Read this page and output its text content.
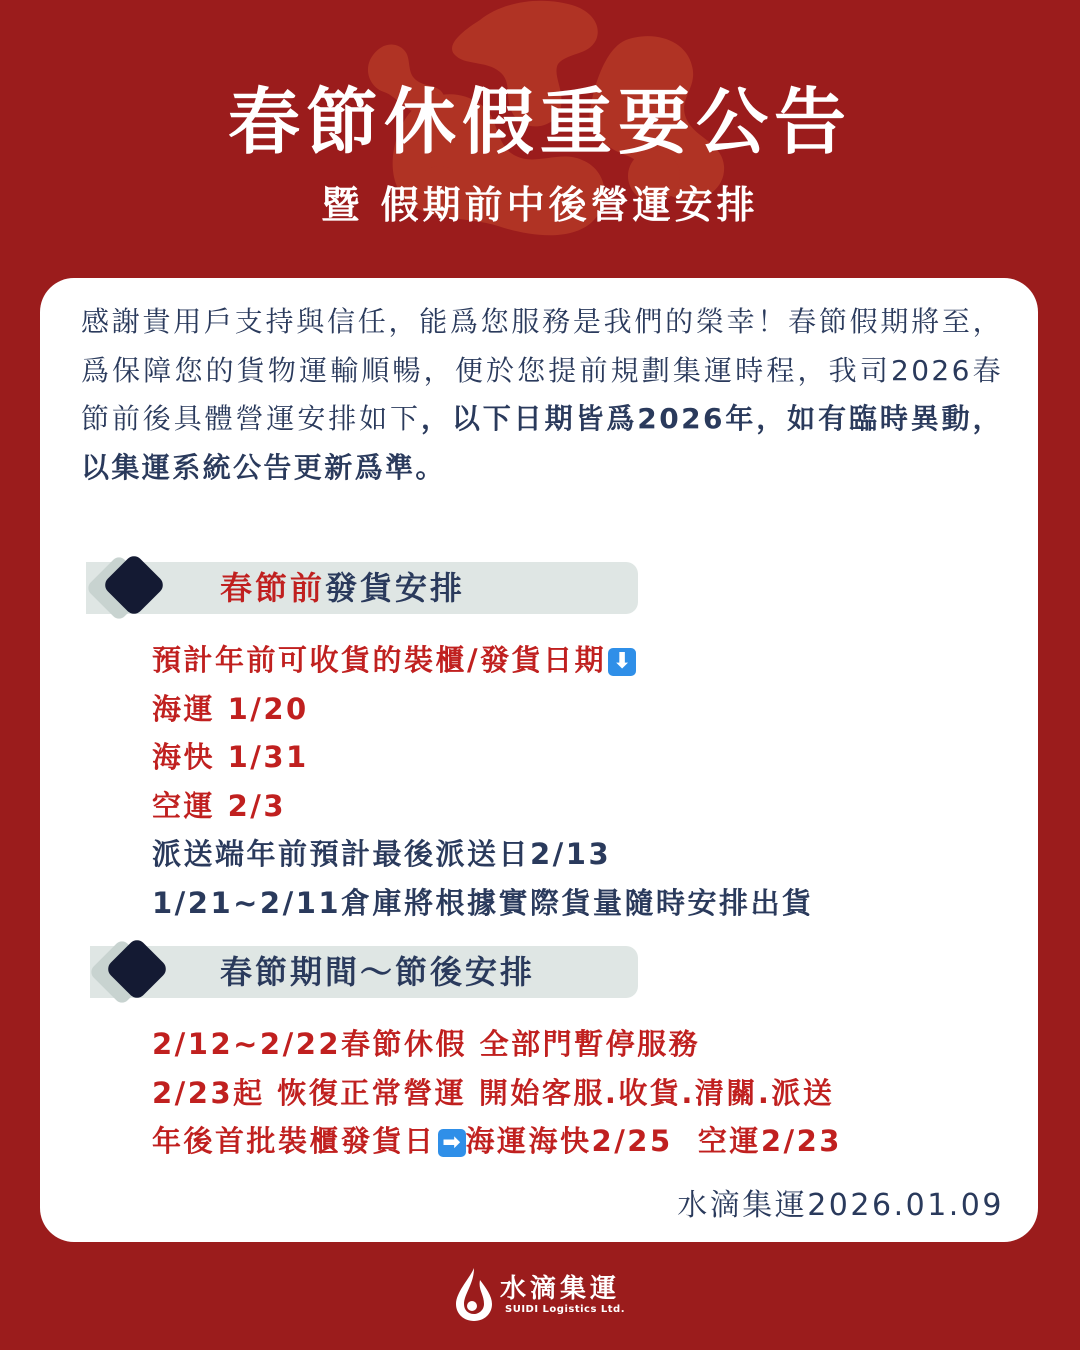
春節休假重要公告
暨 假期前中後營運安排
感謝貴用戶支持與信任，能爲您服務是我們的榮幸！春節假期將至，爲保障您的貨物運輸順暢，便於您提前規劃集運時程，我司2026春節前後具體營運安排如下，以下日期皆爲2026年，如有臨時異動，以集運系統公告更新爲準。
春節前發貨安排
預計年前可收貨的裝櫃/發貨日期 ⬇
海運 1/20
海快 1/31
空運 2/3
派送端年前預計最後派送日2/13
1/21~2/11倉庫將根據實際貨量隨時安排出貨
春節期間～節後安排
2/12~2/22春節休假 全部門暫停服務
2/23起 恢復正常營運 開始客服.收貨.清關.派送
年後首批裝櫃發貨日 ➡ 海運海快2/25  空運2/23
水滴集運2026.01.09
水滴集運
SUIDI Logistics Ltd.
